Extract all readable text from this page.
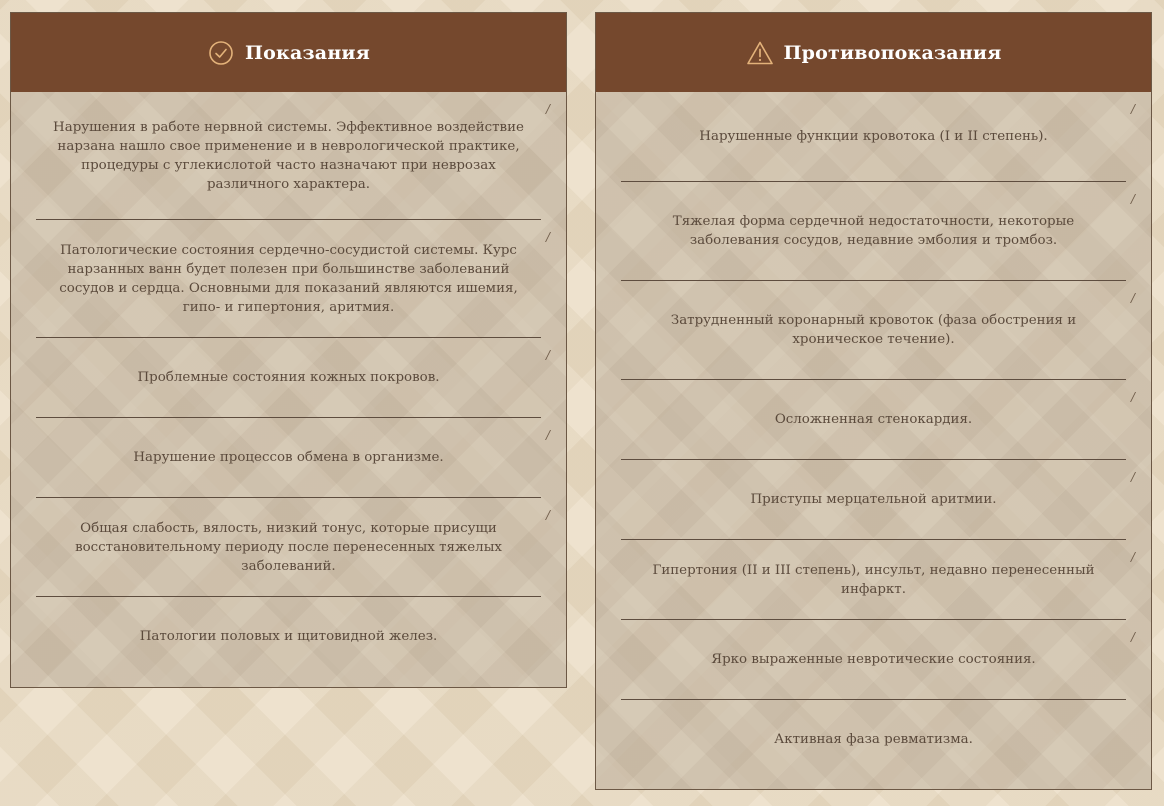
Показания
Нарушения в работе нервной системы. Эффективное воздействие нарзана нашло свое применение и в неврологической практике, процедуры с углекислотой часто назначают при неврозах различного характера.
/
Патологические состояния сердечно-сосудистой системы. Курс нарзанных ванн будет полезен при большинстве заболеваний сосудов и сердца. Основными для показаний являются ишемия, гипо- и гипертония, аритмия.
/
Проблемные состояния кожных покровов.
/
Нарушение процессов обмена в организме.
/
Общая слабость, вялость, низкий тонус, которые присущи восстановительному периоду после перенесенных тяжелых заболеваний.
/
Патологии половых и щитовидной желез.
Противопоказания
Нарушенные функции кровотока (I и II степень).
/
Тяжелая форма сердечной недостаточности, некоторые заболевания сосудов, недавние эмболия и тромбоз.
/
Затрудненный коронарный кровоток (фаза обострения и хроническое течение).
/
Осложненная стенокардия.
/
Приступы мерцательной аритмии.
/
Гипертония (II и III степень), инсульт, недавно перенесенный инфаркт.
/
Ярко выраженные невротические состояния.
/
Активная фаза ревматизма.
